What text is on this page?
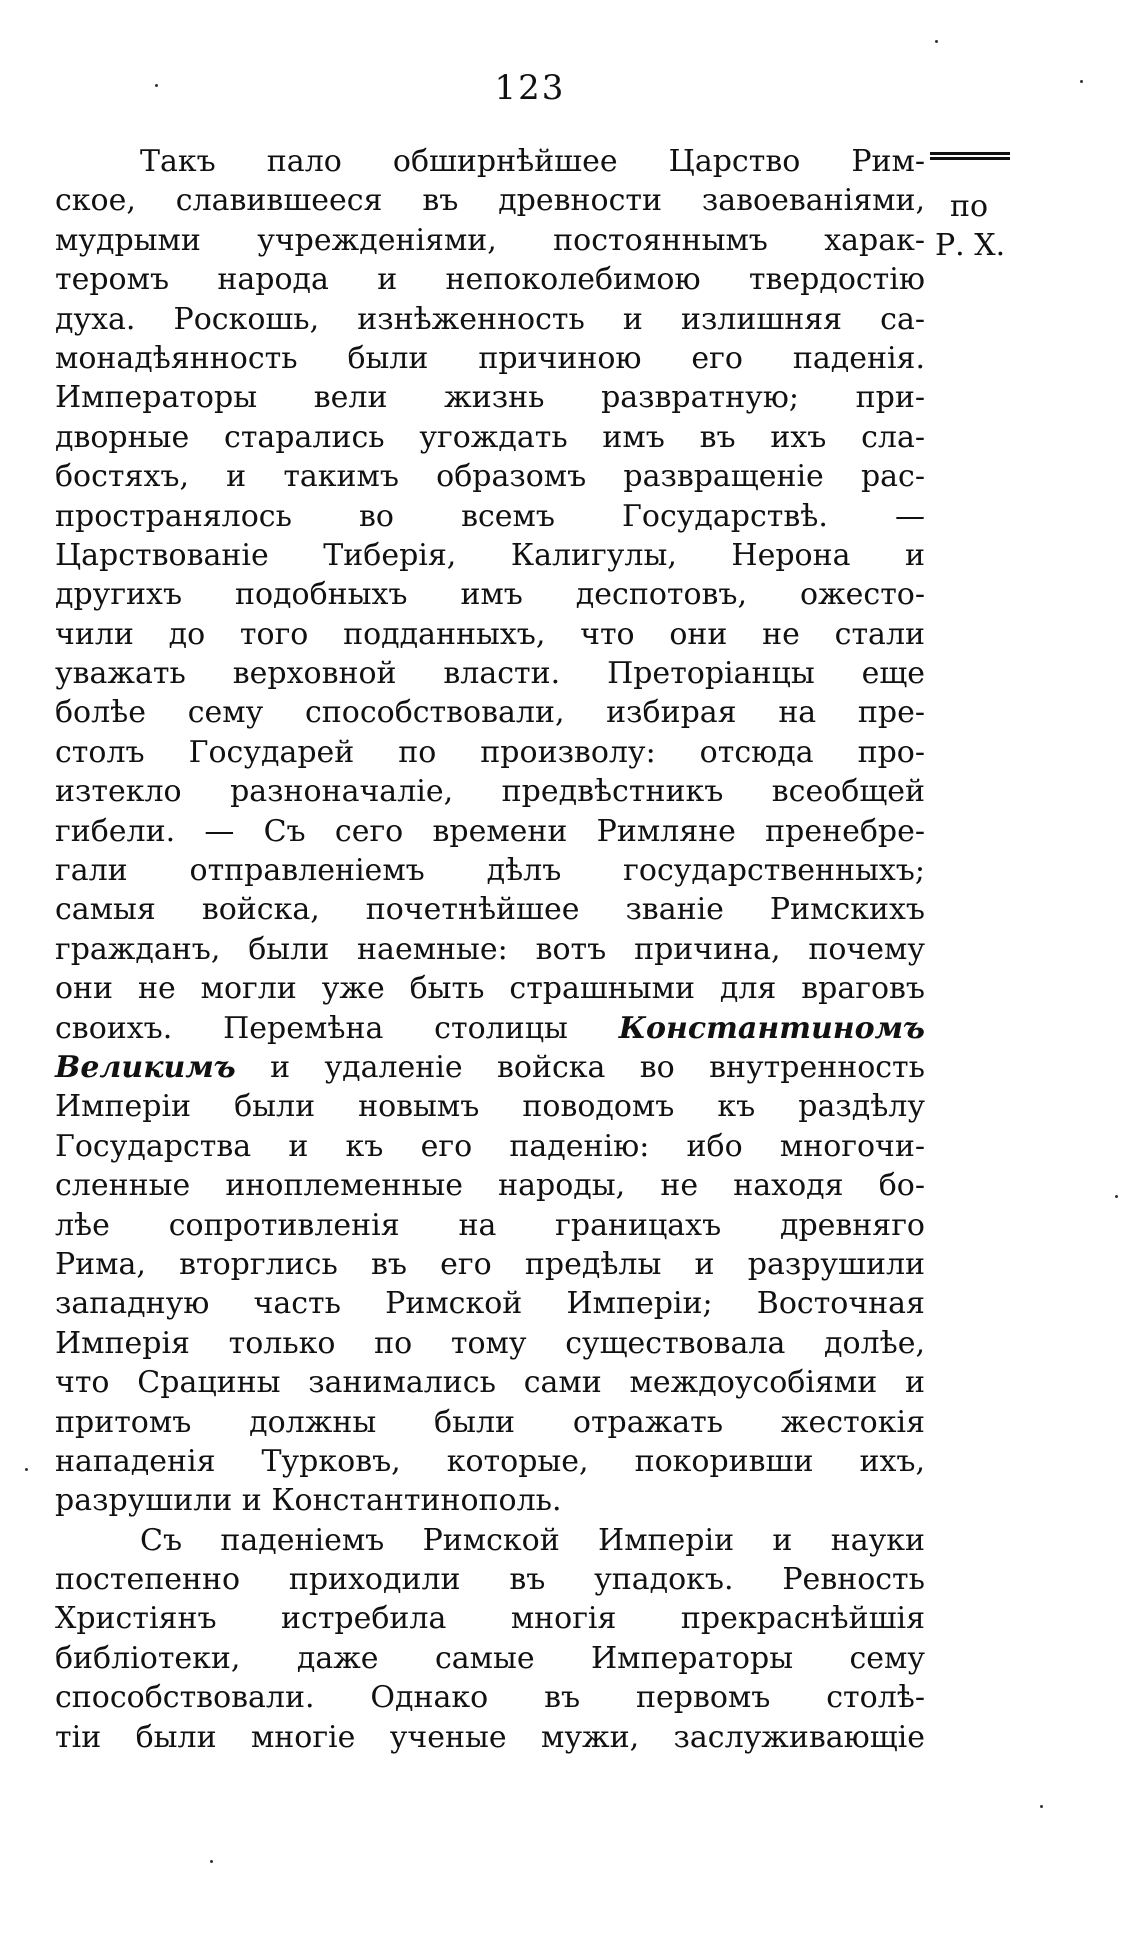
123
по
Р. Х.
Такъ пало обширнѣйшее Царство Рим-
ское, славившееся въ древности завоеваніями,
мудрыми учрежденіями, постояннымъ харак-
теромъ народа и непоколебимою твердостію
духа. Роскошь, изнѣженность и излишняя са-
монадѣянность были причиною его паденія.
Императоры вели жизнь развратную; при-
дворные старались угождать имъ въ ихъ сла-
бостяхъ, и такимъ образомъ развращеніе рас-
пространялось во всемъ Государствѣ. —
Царствованіе Тиберія, Калигулы, Нерона и
другихъ подобныхъ имъ деспотовъ, ожесто-
чили до того подданныхъ, что они не стали
уважать верховной власти. Преторіанцы еще
болѣе сему способствовали, избирая на пре-
столъ Государей по произволу: отсюда про-
изтекло разноначаліе, предвѣстникъ всеобщей
гибели. — Съ сего времени Римляне пренебре-
гали отправленіемъ дѣлъ государственныхъ;
самыя войска, почетнѣйшее званіе Римскихъ
гражданъ, были наемные: вотъ причина, почему
они не могли уже быть страшными для враговъ
своихъ. Перемѣна столицы Константиномъ
Великимъ и удаленіе войска во внутренность
Имперіи были новымъ поводомъ къ раздѣлу
Государства и къ его паденію: ибо многочи-
сленные иноплеменные народы, не находя бо-
лѣе сопротивленія на границахъ древняго
Рима, вторглись въ его предѣлы и разрушили
западную часть Римской Имперіи; Восточная
Имперія только по тому существовала долѣе,
что Срацины занимались сами междоусобіями и
притомъ должны были отражать жестокія
нападенія Турковъ, которые, покоривши ихъ,
разрушили и Константинополь.
Съ паденіемъ Римской Имперіи и науки
постепенно приходили въ упадокъ. Ревность
Христіянъ истребила многія прекраснѣйшія
библіотеки, даже самые Императоры сему
способствовали. Однако въ первомъ столѣ-
тіи были многіе ученые мужи, заслуживающіе
